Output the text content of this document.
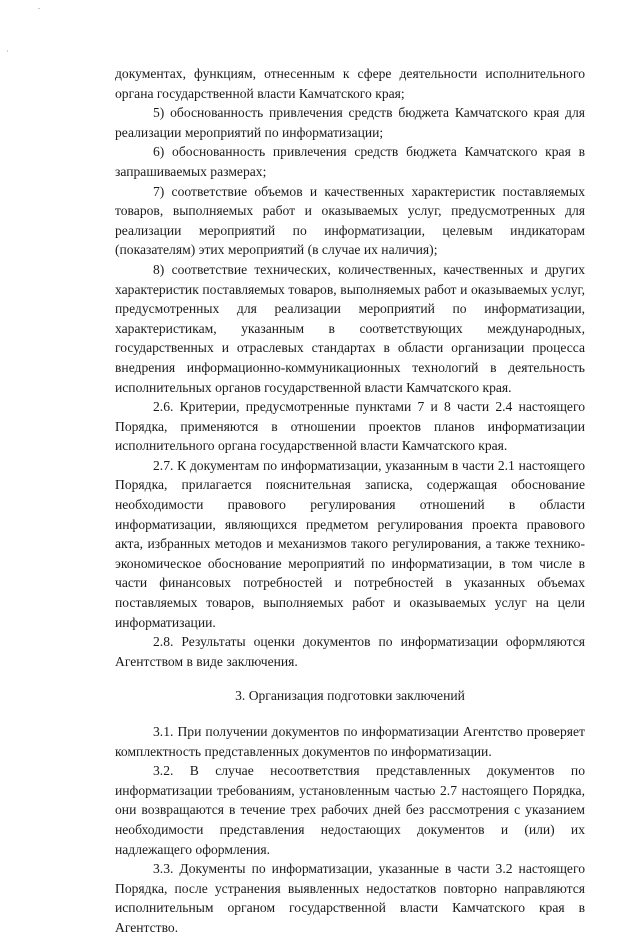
документах, функциям, отнесенным к сфере деятельности исполнительного органа государственной власти Камчатского края;

5) обоснованность привлечения средств бюджета Камчатского края для реализации мероприятий по информатизации;

6) обоснованность привлечения средств бюджета Камчатского края в запрашиваемых размерах;

7) соответствие объемов и качественных характеристик поставляемых товаров, выполняемых работ и оказываемых услуг, предусмотренных для реализации мероприятий по информатизации, целевым индикаторам (показателям) этих мероприятий (в случае их наличия);

8) соответствие технических, количественных, качественных и других характеристик поставляемых товаров, выполняемых работ и оказываемых услуг, предусмотренных для реализации мероприятий по информатизации, характеристикам, указанным в соответствующих международных, государственных и отраслевых стандартах в области организации процесса внедрения информационно-коммуникационных технологий в деятельность исполнительных органов государственной власти Камчатского края.

2.6. Критерии, предусмотренные пунктами 7 и 8 части 2.4 настоящего Порядка, применяются в отношении проектов планов информатизации исполнительного органа государственной власти Камчатского края.

2.7. К документам по информатизации, указанным в части 2.1 настоящего Порядка, прилагается пояснительная записка, содержащая обоснование необходимости правового регулирования отношений в области информатизации, являющихся предметом регулирования проекта правового акта, избранных методов и механизмов такого регулирования, а также технико-экономическое обоснование мероприятий по информатизации, в том числе в части финансовых потребностей и потребностей в указанных объемах поставляемых товаров, выполняемых работ и оказываемых услуг на цели информатизации.

2.8. Результаты оценки документов по информатизации оформляются Агентством в виде заключения.

3. Организация подготовки заключений

3.1. При получении документов по информатизации Агентство проверяет комплектность представленных документов по информатизации.

3.2. В случае несоответствия представленных документов по информатизации требованиям, установленным частью 2.7 настоящего Порядка, они возвращаются в течение трех рабочих дней без рассмотрения с указанием необходимости представления недостающих документов и (или) их надлежащего оформления.

3.3. Документы по информатизации, указанные в части 3.2 настоящего Порядка, после устранения выявленных недостатков повторно направляются исполнительным органом государственной власти Камчатского края в Агентство.
